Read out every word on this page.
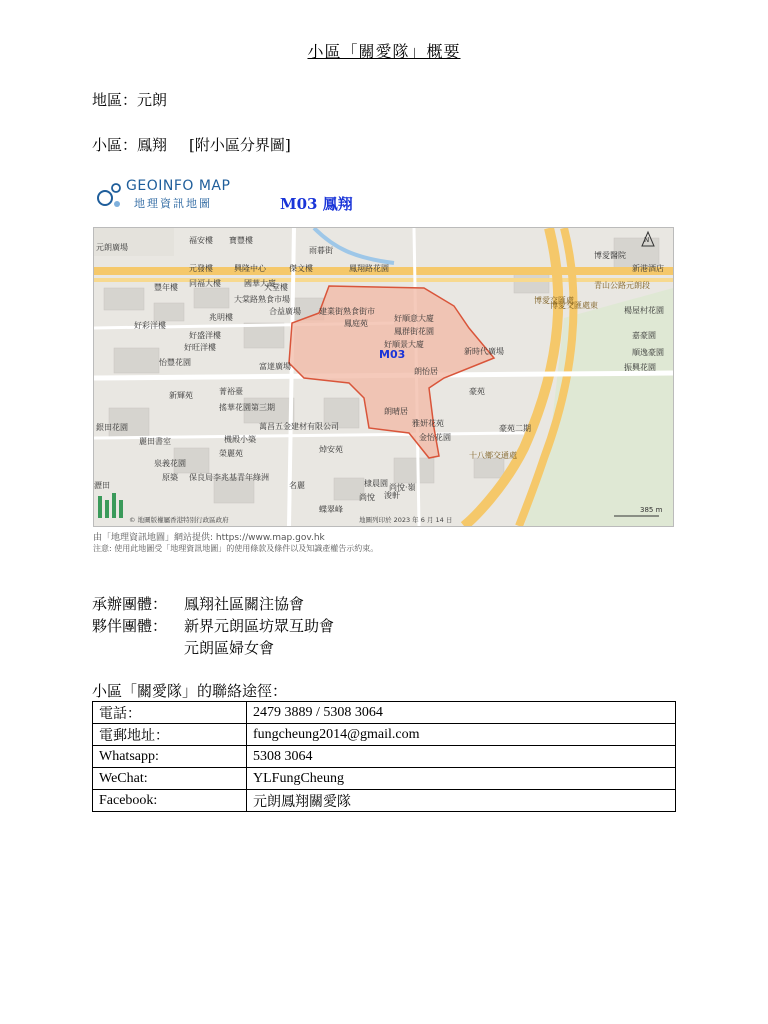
小區「關愛隊」概要
地區：元朗
小區：鳳翔 [附小區分界圖]
GEOINFO MAP
地理資訊地圖	M03 鳳翔
M03
元朗廣場
福安樓 寶豐樓
元發樓	興隆中心	傑文樓
雨暮街
鳳翔路花園
同福大樓	國華大廈
豐年樓
大棠路熟食市場
合益廣場 建業街熟食街市
鳳庭苑
鳳群街花園
好順意大廈
好順景大廈
新時代廣場
兆明樓
好彩洋樓
好盛洋樓
好旺洋樓
怡豐花園	富達廣場
博愛醫院
新港酒店
青山公路元朗段
楊屋村花園
嘉豪園
順逸豪園
振興花園
新輝苑	菁裕臺
搖華花園第三期
朗怡居
朗晴居
豪苑
豪苑二期
雅妍花苑
金怡花園
萬昌五金建材有限公司
銀田花園
麗田書室	機殿小築
榮麗苑	焯安苑
泉義花園
原築 保良局李兆基青年綠洲
名麗	棣晨園
尚悅
尚悅·嶺
蝶翠峰
十八鄉交通處
博愛交匯處
博愛交匯處東
大堂樓
浚軒
瀝田
N
385 m
© 地圖版權屬香港特別行政區政府	地圖列印於 2023 年 6 月 14 日
由「地理資訊地圖」網站提供: https://www.map.gov.hk
注意: 使用此地圖受「地理資訊地圖」的使用條款及條件以及知識產權告示約束。
承辦團體： 鳳翔社區關注協會
夥伴團體： 新界元朗區坊眾互助會
元朗區婦女會
小區「關愛隊」的聯絡途徑：
電話：	2479 3889 / 5308 3064
電郵地址：	fungcheung2014@gmail.com
Whatsapp:	5308 3064
WeChat:	YLFungCheung
Facebook:	元朗鳳翔關愛隊
